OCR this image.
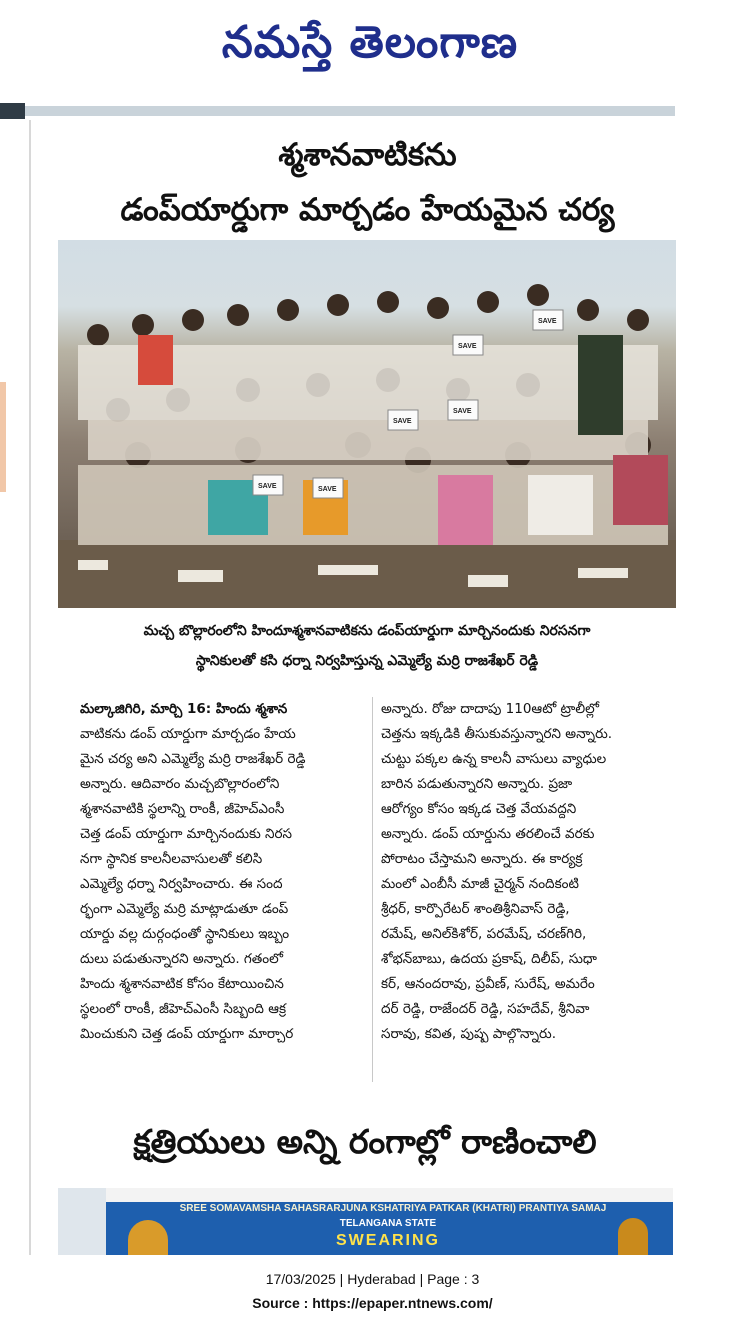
నమస్తే తెలంగాణ
శ్మశానవాటికను
డంప్‌యార్డుగా మార్చడం హేయమైన చర్య
SAVE	SAVE
SAVE
SAVE
SAVE
SAVE
మచ్చ బొల్లారంలోని హిందూశ్మశానవాటికను డంప్‌యార్డుగా మార్చినందుకు నిరసనగా
స్థానికులతో కసి ధర్నా నిర్వహిస్తున్న ఎమ్మెల్యే మర్రి రాజశేఖర్ రెడ్డి
మల్కాజిగిరి, మార్చి 16: హిందు శ్మశాన
వాటికను డంప్ యార్డుగా మార్చడం హేయ
మైన చర్య అని ఎమ్మెల్యే మర్రి రాజశేఖర్ రెడ్డి
అన్నారు. ఆదివారం మచ్చబొల్లారంలోని
శ్మశానవాటికి స్థలాన్ని రాంకీ, జీహెచ్‌ఎంసీ
చెత్త డంప్ యార్డుగా మార్చినందుకు నిరస
నగా స్థానిక కాలనీలవాసులతో కలిసి
ఎమ్మెల్యే ధర్నా నిర్వహించారు. ఈ సంద
ర్భంగా ఎమ్మెల్యే మర్రి మాట్లాడుతూ డంప్
యార్డు వల్ల దుర్గంధంతో స్థానికులు ఇబ్బం
దులు పడుతున్నారని అన్నారు. గతంలో
హిందు శ్మశానవాటిక కోసం కేటాయించిన
స్థలంలో రాంకీ, జీహెచ్‌ఎంసీ సిబ్బంది ఆక్ర
మించుకుని చెత్త డంప్ యార్డుగా మార్చార
అన్నారు. రోజు దాదాపు 110ఆటో ట్రాలీల్లో
చెత్తను ఇక్కడికి తీసుకువస్తున్నారని అన్నారు.
చుట్టు పక్కల ఉన్న కాలనీ వాసులు వ్యాధుల
బారిన పడుతున్నారని అన్నారు. ప్రజా
ఆరోగ్యం కోసం ఇక్కడ చెత్త వేయవద్దని
అన్నారు. డంప్ యార్డును తరలించే వరకు
పోరాటం చేస్తామని అన్నారు. ఈ కార్యక్ర
మంలో ఎంబీసీ మాజీ చైర్మన్ నందికంటి
శ్రీధర్, కార్పొరేటర్ శాంతిశ్రీనివాస్ రెడ్డి,
రమేష్, అనిల్‌కిశోర్, పరమేష్, చరణ్‌గిరి,
శోభన్‌బాబు, ఉదయ ప్రకాష్, దిలీప్, సుధా
కర్, ఆనందరావు, ప్రవీణ్, సురేష్, అమరేం
దర్ రెడ్డి, రాజేందర్ రెడ్డి, సహదేవ్, శ్రీనివా
సరావు, కవిత, పుష్ప పాల్గొన్నారు.
క్షత్రియులు అన్ని రంగాల్లో రాణించాలి
SREE SOMAVAMSHA SAHASRARJUNA KSHATRIYA PATKAR (KHATRI) PRANTIYA SAMAJ
TELANGANA STATE
SWEARING
17/03/2025 | Hyderabad | Page : 3
Source : https://epaper.ntnews.com/
